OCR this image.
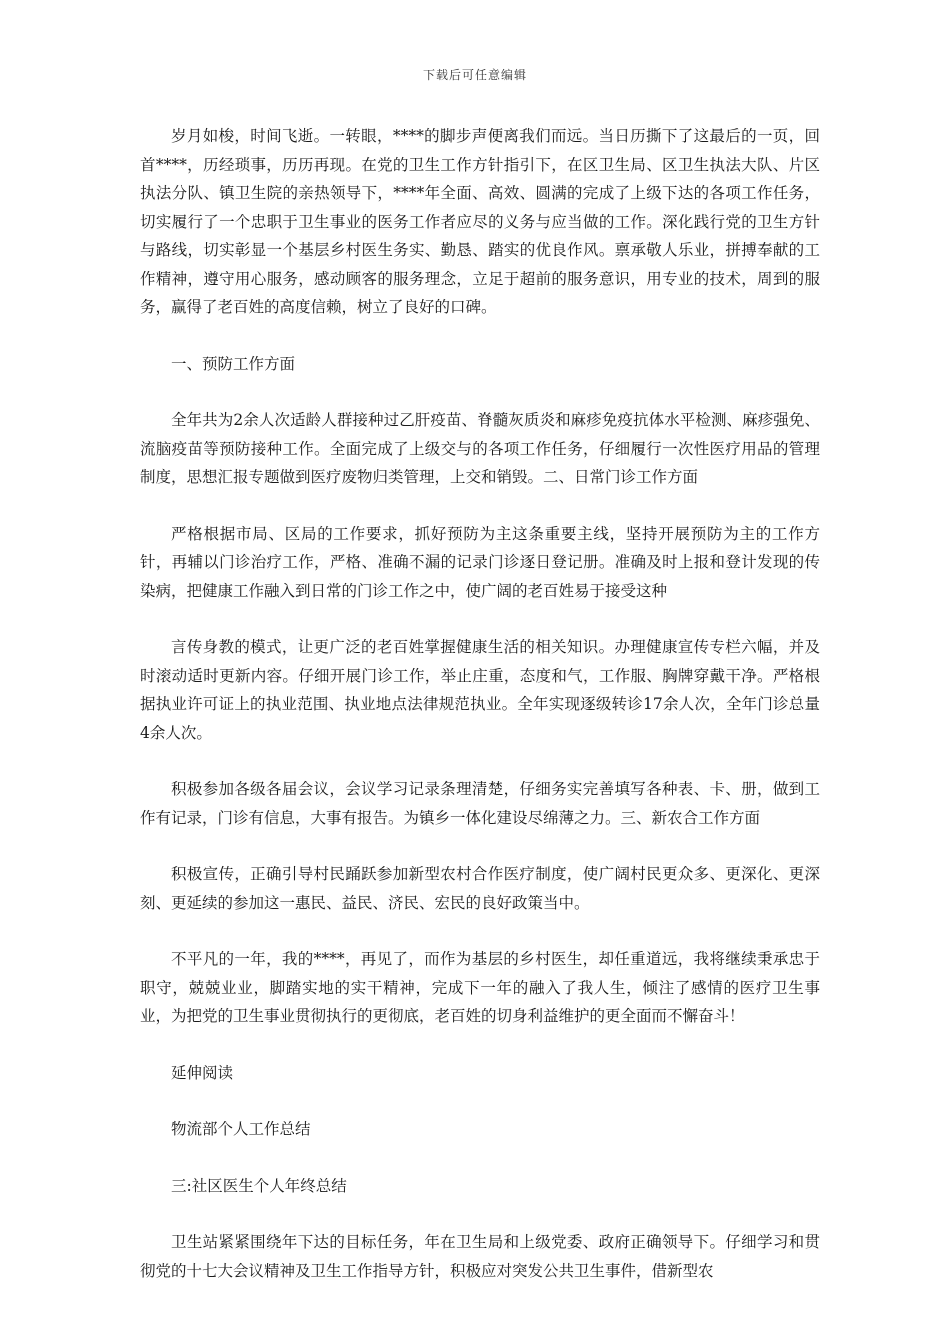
下载后可任意编辑

岁月如梭，时间飞逝。一转眼，****的脚步声便离我们而远。当日历撕下了这最后的一页，回首****，历经琐事，历历再现。在党的卫生工作方针指引下，在区卫生局、区卫生执法大队、片区执法分队、镇卫生院的亲热领导下，****年全面、高效、圆满的完成了上级下达的各项工作任务，切实履行了一个忠职于卫生事业的医务工作者应尽的义务与应当做的工作。深化践行党的卫生方针与路线，切实彰显一个基层乡村医生务实、勤恳、踏实的优良作风。禀承敬人乐业，拼搏奉献的工作精神，遵守用心服务，感动顾客的服务理念，立足于超前的服务意识，用专业的技术，周到的服务，赢得了老百姓的高度信赖，树立了良好的口碑。

一、预防工作方面

全年共为2余人次适龄人群接种过乙肝疫苗、脊髓灰质炎和麻疹免疫抗体水平检测、麻疹强免、流脑疫苗等预防接种工作。全面完成了上级交与的各项工作任务，仔细履行一次性医疗用品的管理制度，思想汇报专题做到医疗废物归类管理，上交和销毁。二、日常门诊工作方面

严格根据市局、区局的工作要求，抓好预防为主这条重要主线，坚持开展预防为主的工作方针，再辅以门诊治疗工作，严格、准确不漏的记录门诊逐日登记册。准确及时上报和登计发现的传染病，把健康工作融入到日常的门诊工作之中，使广阔的老百姓易于接受这种

言传身教的模式，让更广泛的老百姓掌握健康生活的相关知识。办理健康宣传专栏六幅，并及时滚动适时更新内容。仔细开展门诊工作，举止庄重，态度和气，工作服、胸牌穿戴干净。严格根据执业许可证上的执业范围、执业地点法律规范执业。全年实现逐级转诊17余人次，全年门诊总量4余人次。

积极参加各级各届会议，会议学习记录条理清楚，仔细务实完善填写各种表、卡、册，做到工作有记录，门诊有信息，大事有报告。为镇乡一体化建设尽绵薄之力。三、新农合工作方面

积极宣传，正确引导村民踊跃参加新型农村合作医疗制度，使广阔村民更众多、更深化、更深刻、更延续的参加这一惠民、益民、济民、宏民的良好政策当中。

不平凡的一年，我的****，再见了，而作为基层的乡村医生，却任重道远，我将继续秉承忠于职守，兢兢业业，脚踏实地的实干精神，完成下一年的融入了我人生，倾注了感情的医疗卫生事业，为把党的卫生事业贯彻执行的更彻底，老百姓的切身利益维护的更全面而不懈奋斗！

延伸阅读

物流部个人工作总结

三:社区医生个人年终总结

卫生站紧紧围绕年下达的目标任务，年在卫生局和上级党委、政府正确领导下。仔细学习和贯彻党的十七大会议精神及卫生工作指导方针，积极应对突发公共卫生事件，借新型农
